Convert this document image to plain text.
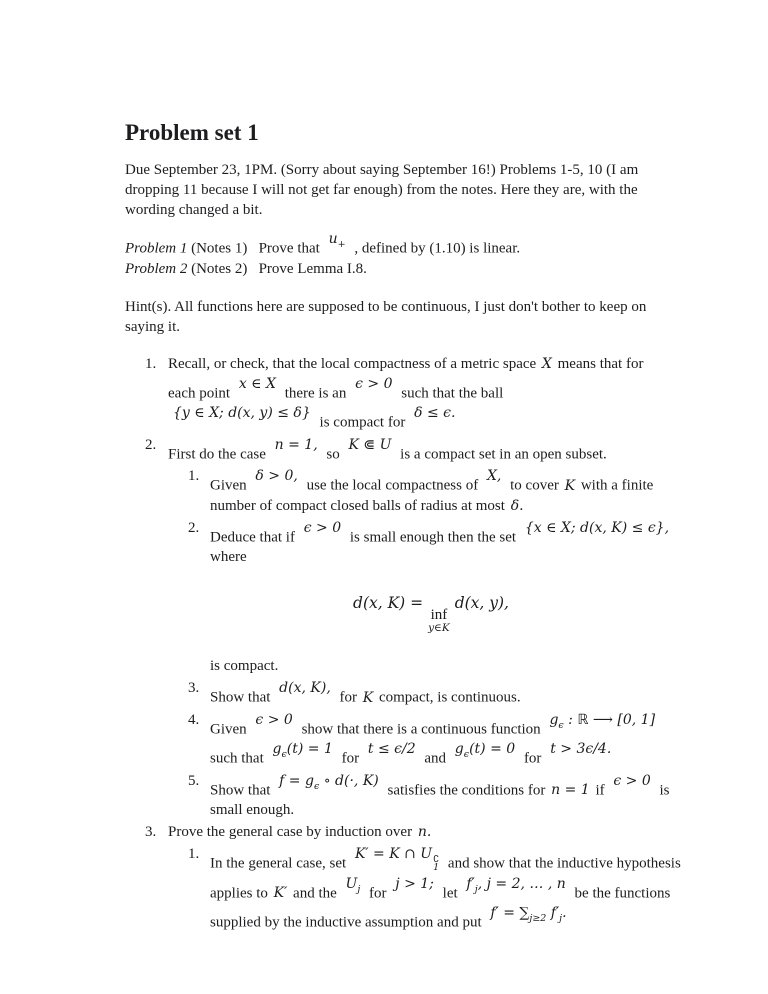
Problem set 1

Due September 23, 1PM. (Sorry about saying September 16!) Problems 1-5, 10 (I am dropping 11 because I will not get far enough) from the notes. Here they are, with the wording changed a bit.

Problem 1 (Notes 1)  Prove that $u_+$ , defined by (1.10) is linear.
Problem 2 (Notes 2)  Prove Lemma I.8.

Hint(s). All functions here are supposed to be continuous, I just don't bother to keep on saying it.

1. Recall, or check, that the local compactness of a metric space X means that for each point x ∈ X there is an ϵ > 0 such that the ball {y ∈ X; d(x, y) ≤ δ} is compact for δ ≤ ϵ.
2.
First do the case n = 1, so K ⋐ U is a compact set in an open subset.
1.
Given δ > 0, use the local compactness of X, to cover K with a finite number of compact closed balls of radius at most δ.
2.
Deduce that if ϵ > 0 is small enough then the set {x ∈ X; d(x, K) ≤ ϵ}, where
d(x, K) =
inf
y∈K
d(x, y),
is compact.
3.
Show that d(x, K), for K compact, is continuous.
4.
Given ϵ > 0 show that there is a continuous function $g_\epsilon$ : ℝ ⟶ [0, 1] such that $g_\epsilon(t) = 1$ for t ≤ ϵ/2 and $g_\epsilon(t) = 0$ for t > 3ϵ/4.
5.
Show that $f = g_\epsilon$ ∘ d(·, K) satisfies the conditions for n = 1 if ϵ > 0 is small enough.
3. Prove the general case by induction over n.
1.
In the general case, set K′ = K ∩ U ∁
1 and show that the inductive hypothesis applies to K′ and the $U_j$ for j > 1; let $f'_j$, j = 2, … , n be the functions supplied by the inductive assumption and put $f' = \sum_{j\ge 2}$ $f'_j$.
